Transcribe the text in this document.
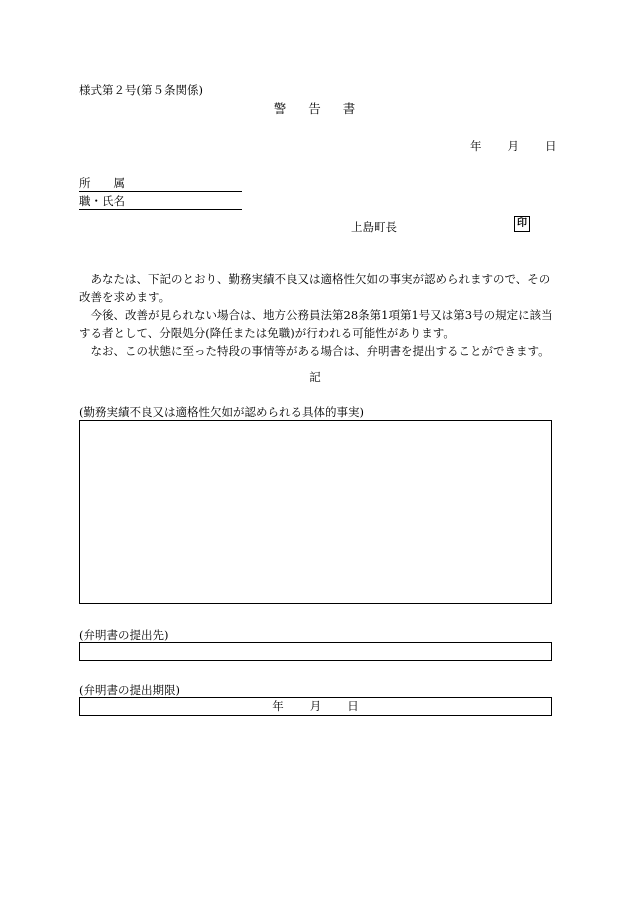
様式第２号(第５条関係)
警 告 書
年 月 日
所　　属
職・氏名
上島町長	印

あなたは、下記のとおり、勤務実績不良又は適格性欠如の事実が認められますので、その改善を求めます。

今後、改善が見られない場合は、地方公務員法第28条第1項第1号又は第3号の規定に該当する者として、分限処分(降任または免職)が行われる可能性があります。

なお、この状態に至った特段の事情等がある場合は、弁明書を提出することができます。

記
(勤務実績不良又は適格性欠如が認められる具体的事実)
(弁明書の提出先)
(弁明書の提出期限)
年 月 日
